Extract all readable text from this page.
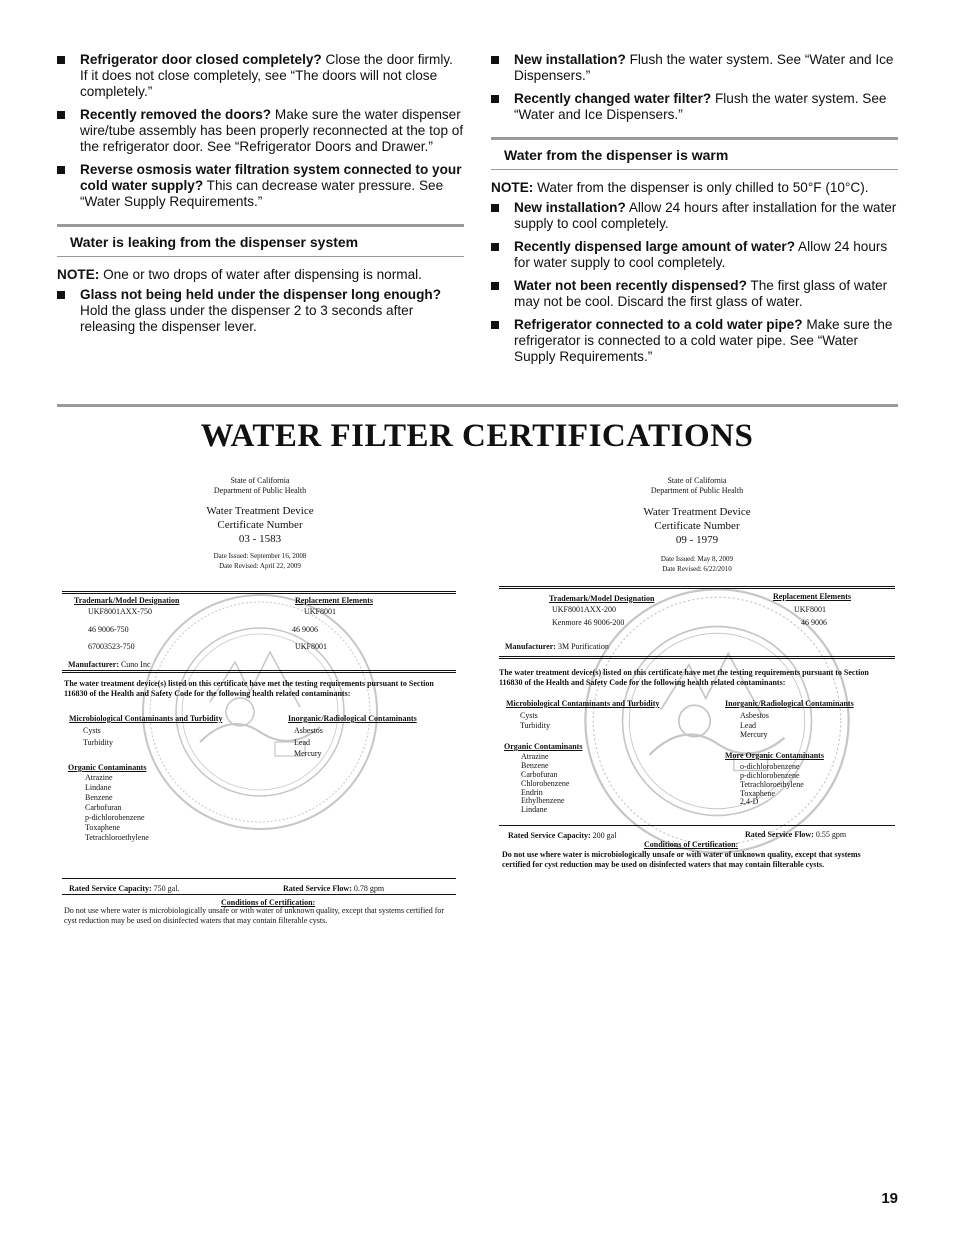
Refrigerator door closed completely? Close the door firmly. If it does not close completely, see “The doors will not close completely.”
Recently removed the doors? Make sure the water dispenser wire/tube assembly has been properly reconnected at the top of the refrigerator door. See “Refrigerator Doors and Drawer.”
Reverse osmosis water filtration system connected to your cold water supply? This can decrease water pressure. See “Water Supply Requirements.”
Water is leaking from the dispenser system
NOTE: One or two drops of water after dispensing is normal.
Glass not being held under the dispenser long enough? Hold the glass under the dispenser 2 to 3 seconds after releasing the dispenser lever.
New installation? Flush the water system. See “Water and Ice Dispensers.”
Recently changed water filter? Flush the water system. See “Water and Ice Dispensers.”
Water from the dispenser is warm
NOTE: Water from the dispenser is only chilled to 50°F (10°C).
New installation? Allow 24 hours after installation for the water supply to cool completely.
Recently dispensed large amount of water? Allow 24 hours for water supply to cool completely.
Water not been recently dispensed? The first glass of water may not be cool. Discard the first glass of water.
Refrigerator connected to a cold water pipe? Make sure the refrigerator is connected to a cold water pipe. See “Water Supply Requirements.”
WATER FILTER CERTIFICATIONS
State of California
Department of Public Health
Water Treatment Device
Certificate Number
03 - 1583
Date Issued: September 16, 2008
Date Revised: April 22, 2009
Trademark/Model Designation	Replacement Elements
UKF8001AXX-750	UKF8001
46 9006-750	46 9006
67003523-750	UKF8001
Manufacturer: Cuno Inc
The water treatment device(s) listed on this certificate have met the testing requirements pursuant to Section 116830 of the Health and Safety Code for the following health related contaminants:
Microbiological Contaminants and Turbidity
Cysts
Turbidity
Inorganic/Radiological Contaminants
Asbestos
Lead
Mercury
Organic Contaminants
Atrazine
Lindane
Benzene
Carbofuran
p-dichlorobenzene
Toxaphene
Tetrachloroethylene
Rated Service Capacity: 750 gal.	Rated Service Flow: 0.78 gpm
Conditions of Certification:
Do not use where water is microbiologically unsafe or with water of unknown quality, except that systems certified for cyst reduction may be used on disinfected waters that may contain filterable cysts.
State of California
Department of Public Health
Water Treatment Device
Certificate Number
09 - 1979
Date Issued: May 8, 2009
Date Revised: 6/22/2010
Trademark/Model Designation	Replacement Elements
UKF8001AXX-200	UKF8001
Kenmore 46 9006-200	46 9006
Manufacturer: 3M Purification
The water treatment device(s) listed on this certificate have met the testing requirements pursuant to Section 116830 of the Health and Safety Code for the following health related contaminants:
Microbiological Contaminants and Turbidity
Cysts
Turbidity
Inorganic/Radiological Contaminants
Asbestos
Lead
Mercury
Organic Contaminants
Atrazine
Benzene
Carbofuran
Chlorobenzene
Endrin
Ethylbenzene
Lindane
More Organic Contaminants
o-dichlorobenzene
p-dichlorobenzene
Tetrachloroethylene
Toxaphene
2,4-D
Rated Service Capacity: 200 gal	Rated Service Flow: 0.55 gpm
Conditions of Certification:
Do not use where water is microbiologically unsafe or with water of unknown quality, except that systems certified for cyst reduction may be used on disinfected waters that may contain filterable cysts.
19
